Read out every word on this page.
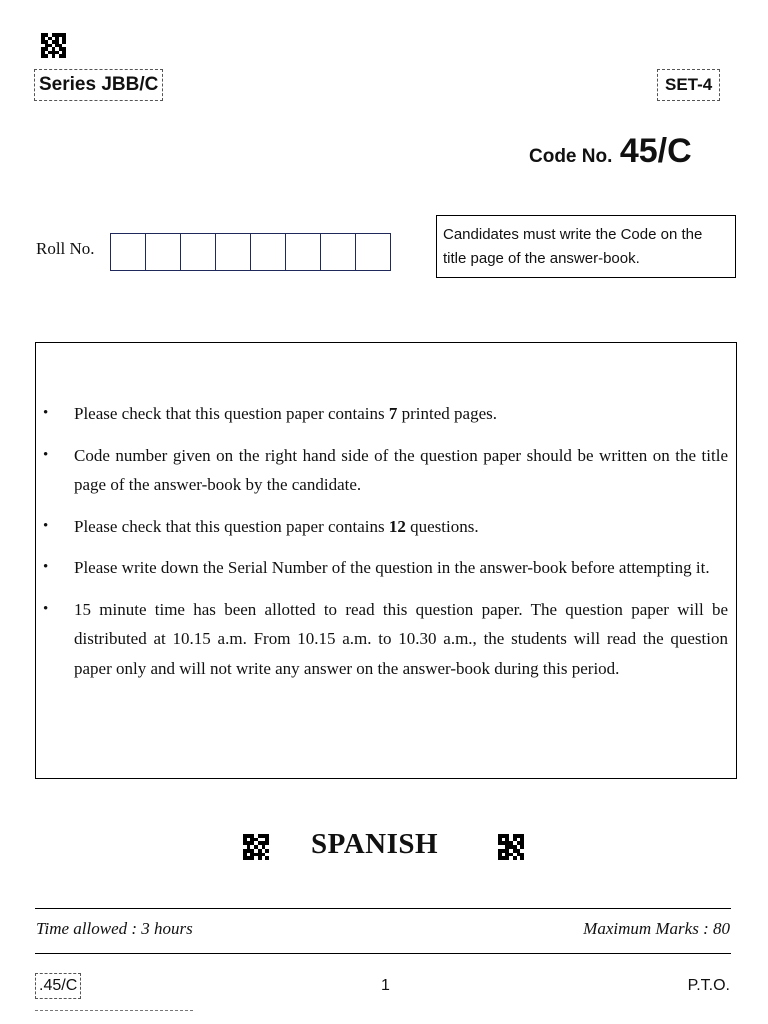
Series JBB/C	SET-4
Code No. 45/C
Roll No.
Candidates must write the Code on the title page of the answer-book.
• Please check that this question paper contains 7 printed pages.
• Code number given on the right hand side of the question paper should be written on the title page of the answer-book by the candidate.
• Please check that this question paper contains 12 questions.
• Please write down the Serial Number of the question in the answer-book before attempting it.
• 15 minute time has been allotted to read this question paper. The question paper will be distributed at 10.15 a.m. From 10.15 a.m. to 10.30 a.m., the students will read the question paper only and will not write any answer on the answer-book during this period.
SPANISH
Time allowed : 3 hours	Maximum Marks : 80
.45/C	1	P.T.O.
